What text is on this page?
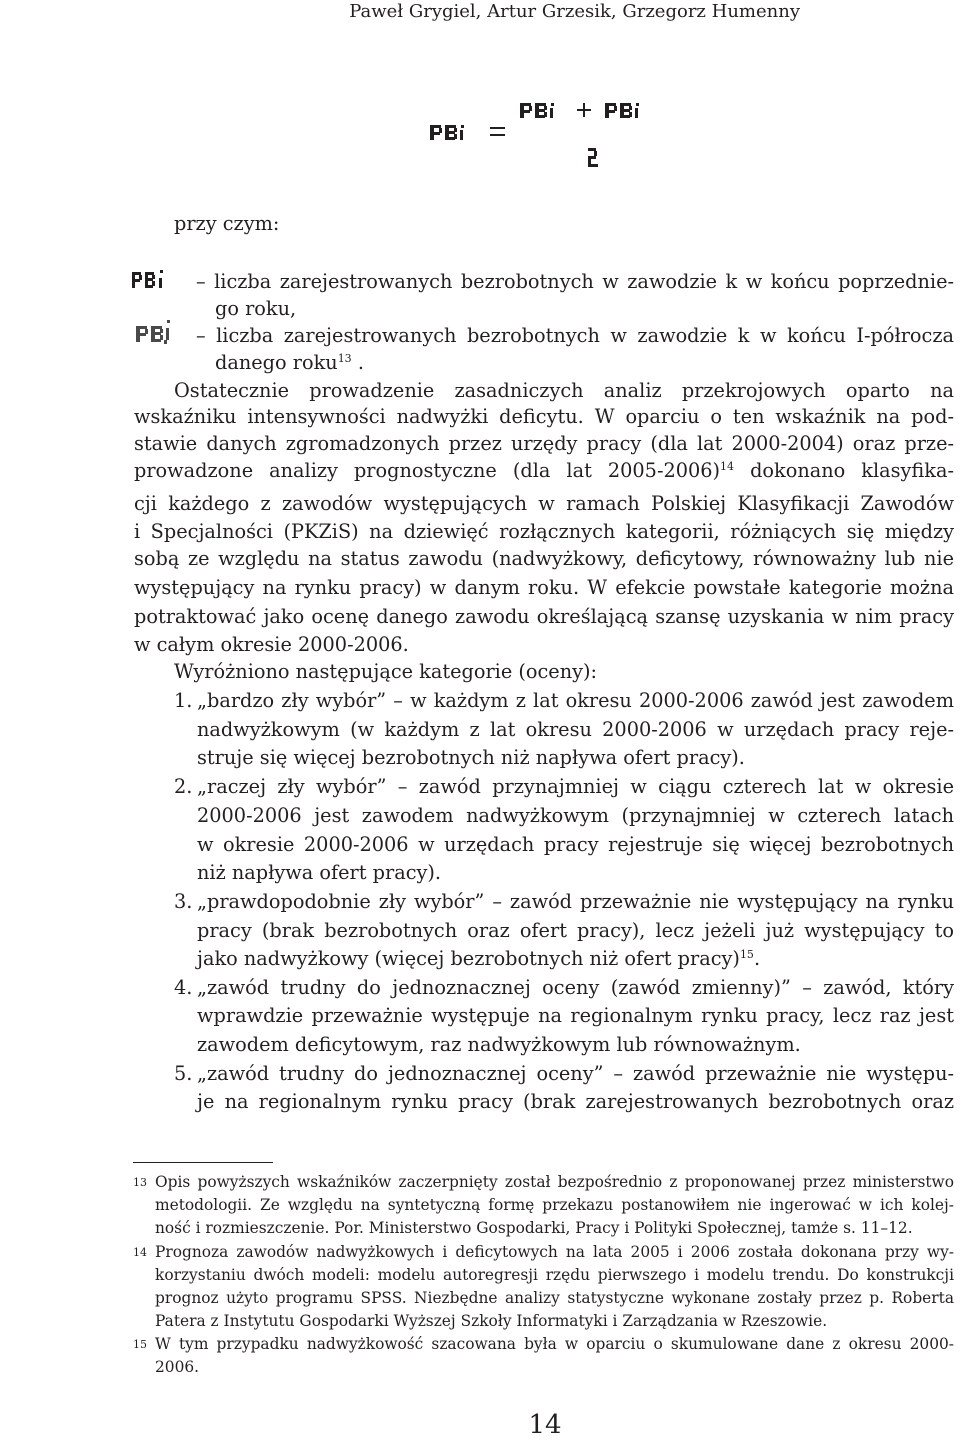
Paweł Grygiel, Artur Grzesik, Grzegorz Humenny
przy czym:
– liczba zarejestrowanych bezrobotnych w zawodzie k w końcu poprzednie-
go roku,
– liczba zarejestrowanych bezrobotnych w zawodzie k w końcu I-półrocza
danego roku$^{13}$ .
Ostatecznie prowadzenie zasadniczych analiz przekrojowych oparto na
wskaźniku intensywności nadwyżki deficytu. W oparciu o ten wskaźnik na pod-
stawie danych zgromadzonych przez urzędy pracy (dla lat 2000-2004) oraz prze-
prowadzone analizy prognostyczne (dla lat 2005-2006)$^{14}$ dokonano klasyfika-
cji każdego z zawodów występujących w ramach Polskiej Klasyfikacji Zawodów
i Specjalności (PKZiS) na dziewięć rozłącznych kategorii, różniących się między
sobą ze względu na status zawodu (nadwyżkowy, deficytowy, równoważny lub nie
występujący na rynku pracy) w danym roku. W efekcie powstałe kategorie można
potraktować jako ocenę danego zawodu określającą szansę uzyskania w nim pracy
w całym okresie 2000-2006.
Wyróżniono następujące kategorie (oceny):
1. „bardzo zły wybór” – w każdym z lat okresu 2000-2006 zawód jest zawodem
nadwyżkowym (w każdym z lat okresu 2000-2006 w urzędach pracy reje-
struje się więcej bezrobotnych niż napływa ofert pracy).
2. „raczej zły wybór” – zawód przynajmniej w ciągu czterech lat w okresie
2000-2006 jest zawodem nadwyżkowym (przynajmniej w czterech latach
w okresie 2000-2006 w urzędach pracy rejestruje się więcej bezrobotnych
niż napływa ofert pracy).
3. „prawdopodobnie zły wybór” – zawód przeważnie nie występujący na rynku
pracy (brak bezrobotnych oraz ofert pracy), lecz jeżeli już występujący to
jako nadwyżkowy (więcej bezrobotnych niż ofert pracy)$^{15}$.
4. „zawód trudny do jednoznacznej oceny (zawód zmienny)” – zawód, który
wprawdzie przeważnie występuje na regionalnym rynku pracy, lecz raz jest
zawodem deficytowym, raz nadwyżkowym lub równoważnym.
5. „zawód trudny do jednoznacznej oceny” – zawód przeważnie nie występu-
je na regionalnym rynku pracy (brak zarejestrowanych bezrobotnych oraz
13 Opis powyższych wskaźników zaczerpnięty został bezpośrednio z proponowanej przez ministerstwo
metodologii. Ze względu na syntetyczną formę przekazu postanowiłem nie ingerować w ich kolej-
ność i rozmieszczenie. Por. Ministerstwo Gospodarki, Pracy i Polityki Społecznej, tamże s. 11–12.
14 Prognoza zawodów nadwyżkowych i deficytowych na lata 2005 i 2006 została dokonana przy wy-
korzystaniu dwóch modeli: modelu autoregresji rzędu pierwszego i modelu trendu. Do konstrukcji
prognoz użyto programu SPSS. Niezbędne analizy statystyczne wykonane zostały przez p. Roberta
Patera z Instytutu Gospodarki Wyższej Szkoły Informatyki i Zarządzania w Rzeszowie.
15 W tym przypadku nadwyżkowość szacowana była w oparciu o skumulowane dane z okresu 2000-
2006.
14
